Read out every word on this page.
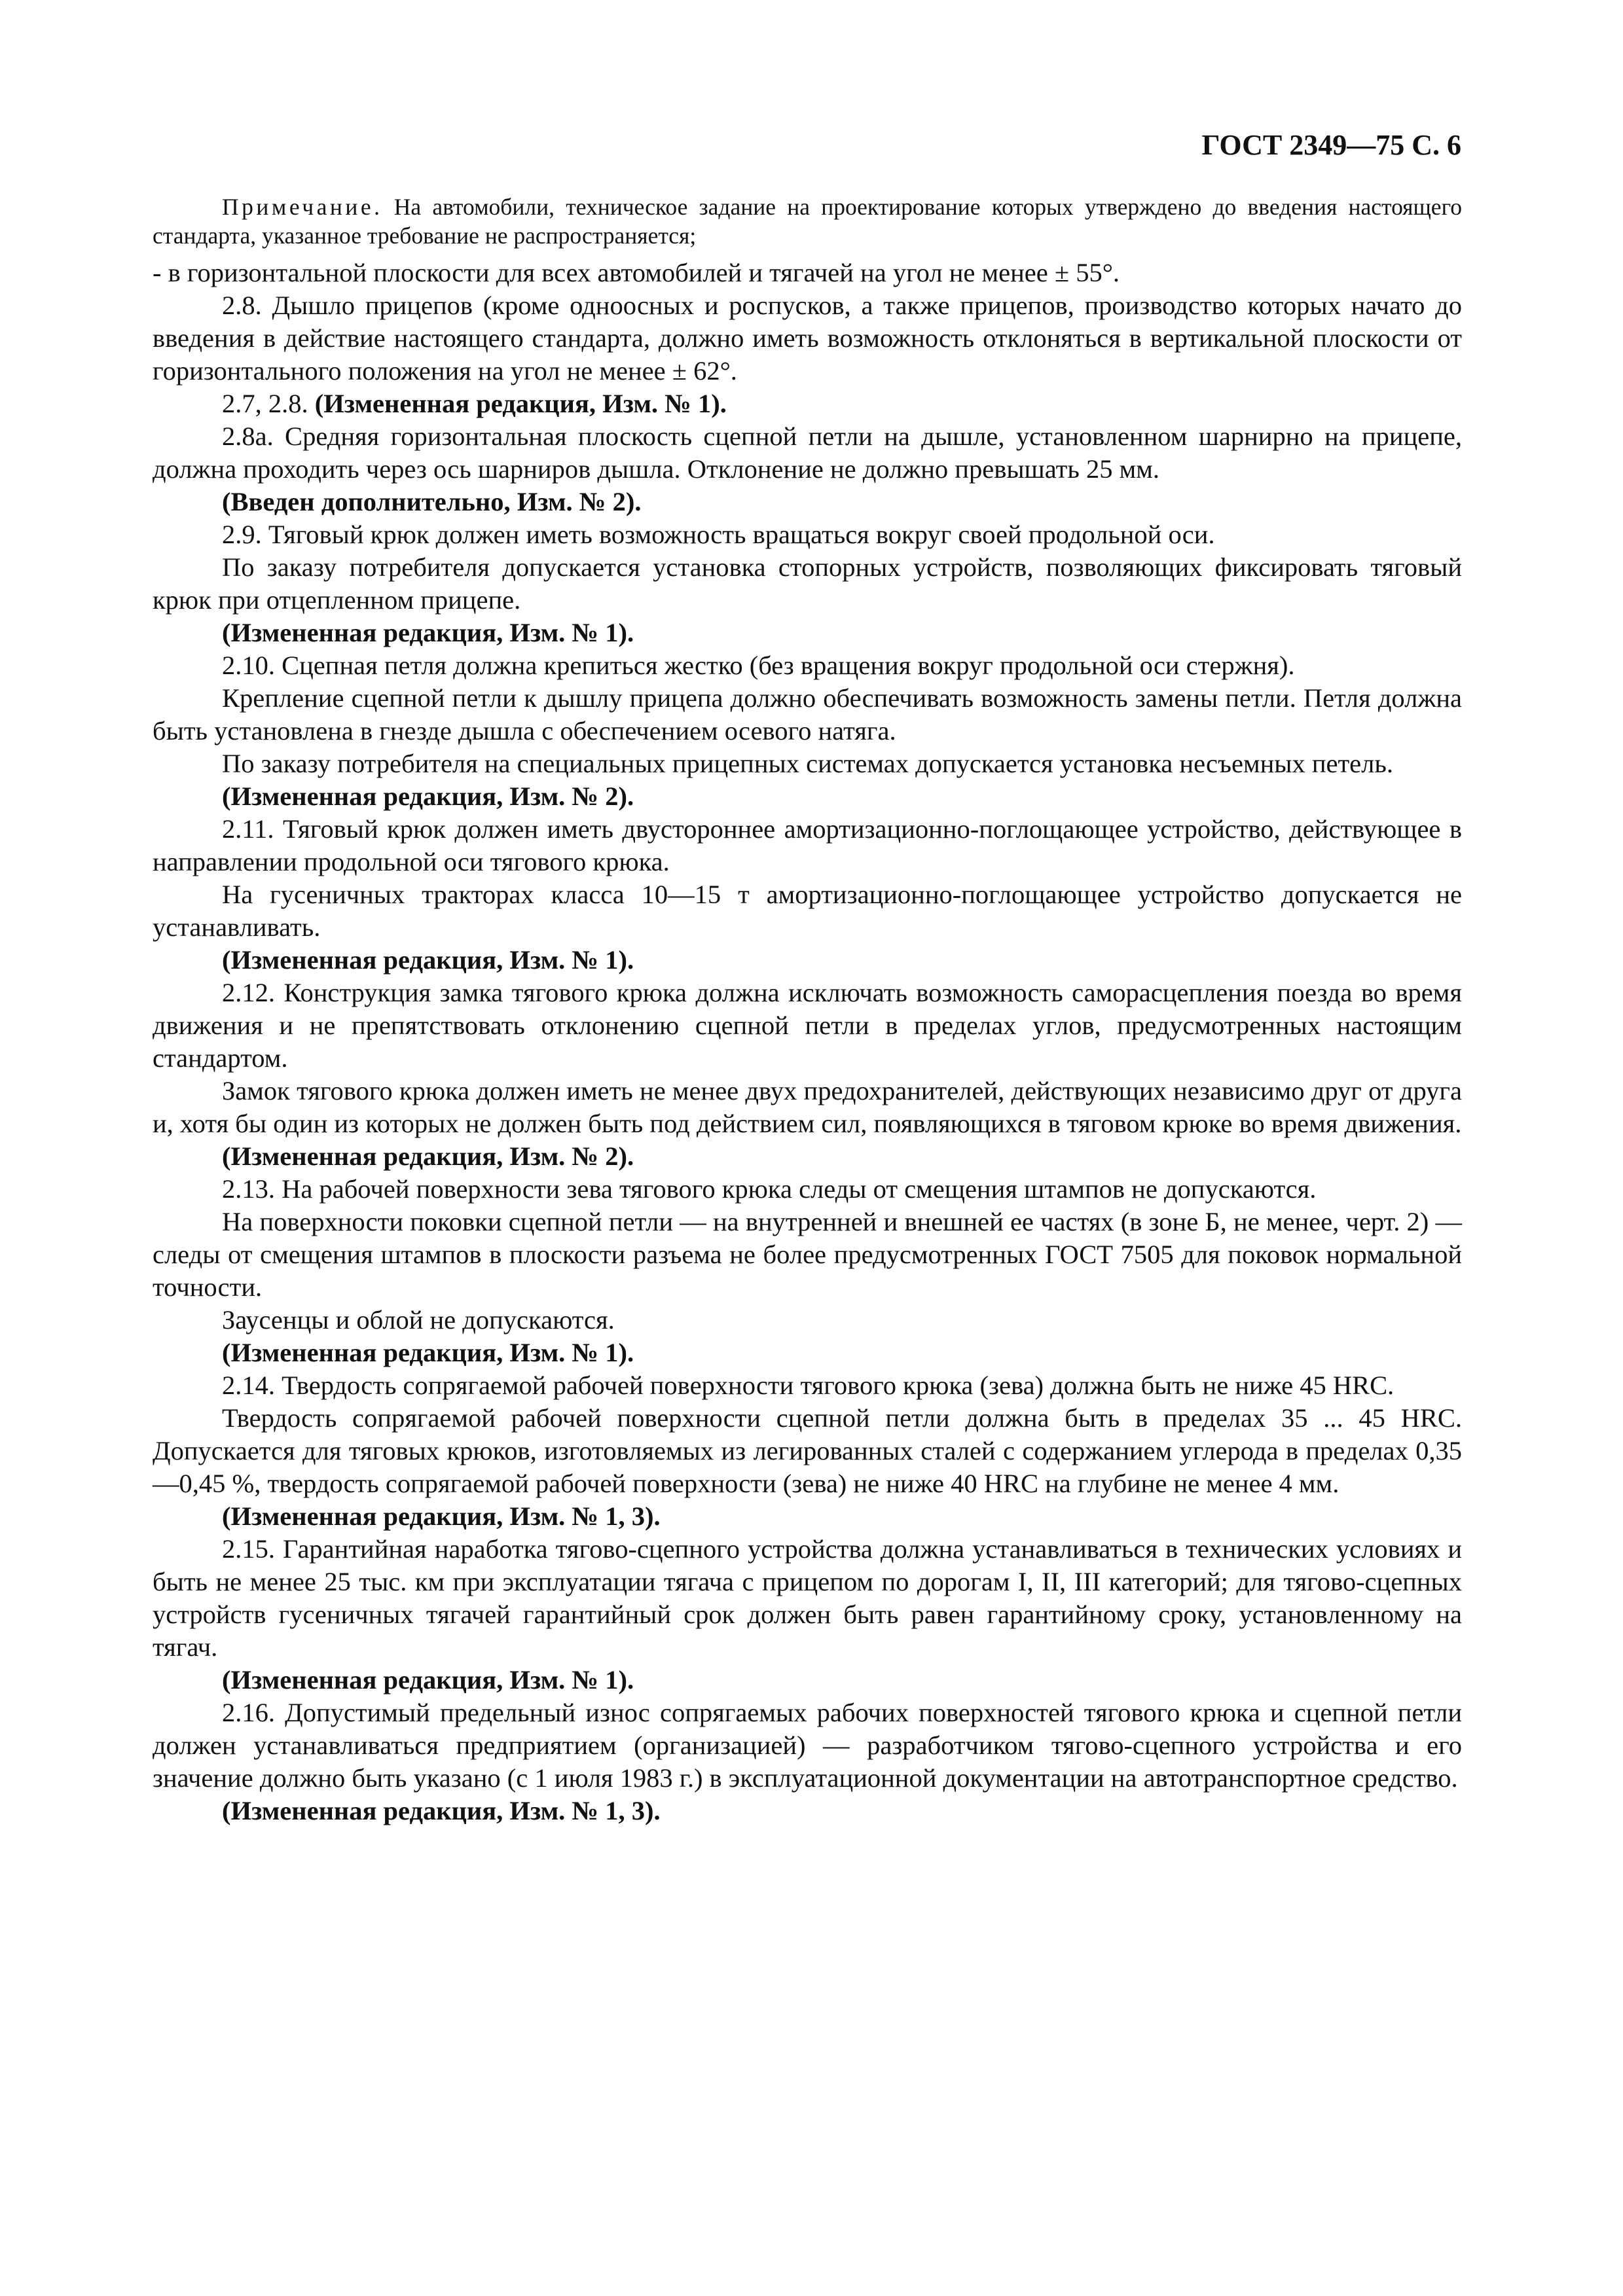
ГОСТ 2349—75 С. 6

Примечание. На автомобили, техническое задание на проектирование которых утверждено до введения настоящего стандарта, указанное требование не распространяется;

- в горизонтальной плоскости для всех автомобилей и тягачей на угол не менее ± 55°.

2.8. Дышло прицепов (кроме одноосных и роспусков, а также прицепов, производство которых начато до введения в действие настоящего стандарта, должно иметь возможность отклоняться в вертикальной плоскости от горизонтального положения на угол не менее ± 62°.

2.7, 2.8. (Измененная редакция, Изм. № 1).

2.8а. Средняя горизонтальная плоскость сцепной петли на дышле, установленном шарнирно на прицепе, должна проходить через ось шарниров дышла. Отклонение не должно превышать 25 мм.

(Введен дополнительно, Изм. № 2).

2.9. Тяговый крюк должен иметь возможность вращаться вокруг своей продольной оси.

По заказу потребителя допускается установка стопорных устройств, позволяющих фиксировать тяговый крюк при отцепленном прицепе.

(Измененная редакция, Изм. № 1).

2.10. Сцепная петля должна крепиться жестко (без вращения вокруг продольной оси стержня).

Крепление сцепной петли к дышлу прицепа должно обеспечивать возможность замены петли. Петля должна быть установлена в гнезде дышла с обеспечением осевого натяга.

По заказу потребителя на специальных прицепных системах допускается установка несъемных петель.

(Измененная редакция, Изм. № 2).

2.11. Тяговый крюк должен иметь двустороннее амортизационно-поглощающее устройство, действующее в направлении продольной оси тягового крюка.

На гусеничных тракторах класса 10—15 т амортизационно-поглощающее устройство допускается не устанавливать.

(Измененная редакция, Изм. № 1).

2.12. Конструкция замка тягового крюка должна исключать возможность саморасцепления поезда во время движения и не препятствовать отклонению сцепной петли в пределах углов, предусмотренных настоящим стандартом.

Замок тягового крюка должен иметь не менее двух предохранителей, действующих независимо друг от друга и, хотя бы один из которых не должен быть под действием сил, появляющихся в тяговом крюке во время движения.

(Измененная редакция, Изм. № 2).

2.13. На рабочей поверхности зева тягового крюка следы от смещения штампов не допускаются.

На поверхности поковки сцепной петли — на внутренней и внешней ее частях (в зоне Б, не менее, черт. 2) — следы от смещения штампов в плоскости разъема не более предусмотренных ГОСТ 7505 для поковок нормальной точности.

Заусенцы и облой не допускаются.

(Измененная редакция, Изм. № 1).

2.14. Твердость сопрягаемой рабочей поверхности тягового крюка (зева) должна быть не ниже 45 HRC.

Твердость сопрягаемой рабочей поверхности сцепной петли должна быть в пределах 35 ... 45 HRC. Допускается для тяговых крюков, изготовляемых из легированных сталей с содержанием углерода в пределах 0,35—0,45 %, твердость сопрягаемой рабочей поверхности (зева) не ниже 40 HRC на глубине не менее 4 мм.

(Измененная редакция, Изм. № 1, 3).

2.15. Гарантийная наработка тягово-сцепного устройства должна устанавливаться в технических условиях и быть не менее 25 тыс. км при эксплуатации тягача с прицепом по дорогам I, II, III категорий; для тягово-сцепных устройств гусеничных тягачей гарантийный срок должен быть равен гарантийному сроку, установленному на тягач.

(Измененная редакция, Изм. № 1).

2.16. Допустимый предельный износ сопрягаемых рабочих поверхностей тягового крюка и сцепной петли должен устанавливаться предприятием (организацией) — разработчиком тягово-сцепного устройства и его значение должно быть указано (с 1 июля 1983 г.) в эксплуатационной документации на автотранспортное средство.

(Измененная редакция, Изм. № 1, 3).
